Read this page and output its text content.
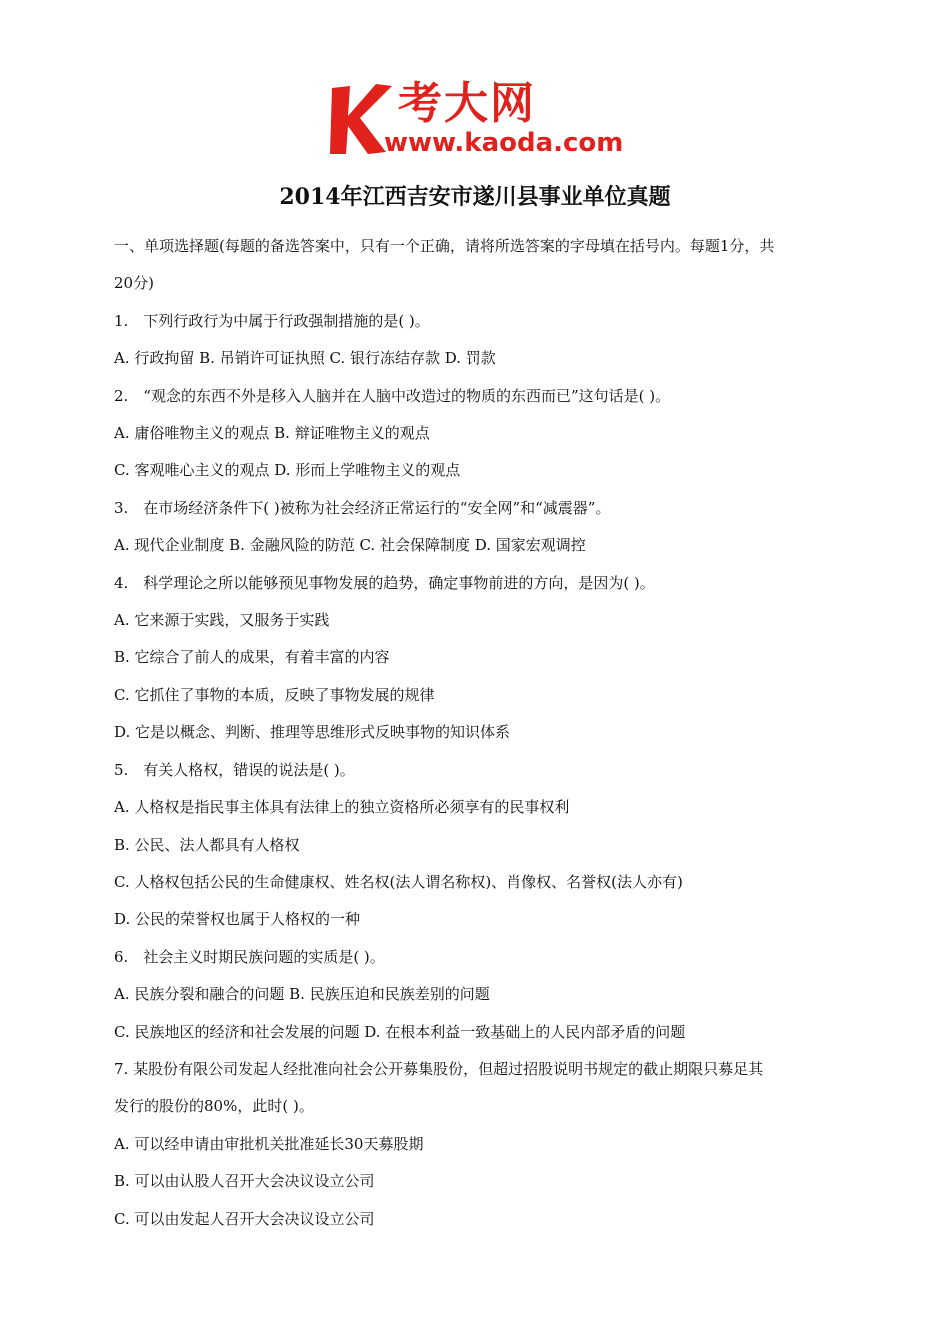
考大网
www.kaoda.com
2014年江西吉安市遂川县事业单位真题
一、单项选择题(每题的备选答案中，只有一个正确，请将所选答案的字母填在括号内。每题1分，共
20分)
1.　下列行政行为中属于行政强制措施的是( )。
A. 行政拘留 B. 吊销许可证执照 C. 银行冻结存款 D. 罚款
2.　“观念的东西不外是移入人脑并在人脑中改造过的物质的东西而已”这句话是( )。
A. 庸俗唯物主义的观点 B. 辩证唯物主义的观点
C. 客观唯心主义的观点 D. 形而上学唯物主义的观点
3.　在市场经济条件下( )被称为社会经济正常运行的“安全网”和“减震器”。
A. 现代企业制度 B. 金融风险的防范 C. 社会保障制度 D. 国家宏观调控
4.　科学理论之所以能够预见事物发展的趋势，确定事物前进的方向，是因为( )。
A. 它来源于实践，又服务于实践
B. 它综合了前人的成果，有着丰富的内容
C. 它抓住了事物的本质，反映了事物发展的规律
D. 它是以概念、判断、推理等思维形式反映事物的知识体系
5.　有关人格权，错误的说法是( )。
A. 人格权是指民事主体具有法律上的独立资格所必须享有的民事权利
B. 公民、法人都具有人格权
C. 人格权包括公民的生命健康权、姓名权(法人谓名称权)、肖像权、名誉权(法人亦有)
D. 公民的荣誉权也属于人格权的一种
6.　社会主义时期民族问题的实质是( )。
A. 民族分裂和融合的问题 B. 民族压迫和民族差别的问题
C. 民族地区的经济和社会发展的问题 D. 在根本利益一致基础上的人民内部矛盾的问题
7. 某股份有限公司发起人经批准向社会公开募集股份，但超过招股说明书规定的截止期限只募足其
发行的股份的80%，此时( )。
A. 可以经申请由审批机关批准延长30天募股期
B. 可以由认股人召开大会决议设立公司
C. 可以由发起人召开大会决议设立公司
